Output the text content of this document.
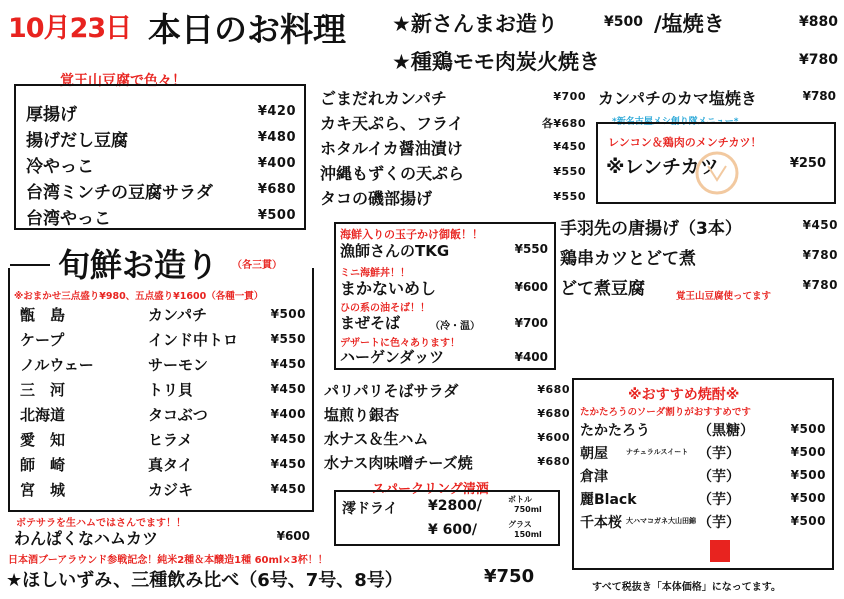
10月23日 本日のお料理 ★新さんまお造り	¥500 /塩焼き	¥880
★種鶏モモ肉炭火焼き	¥780
覚王山豆腐で色々！
厚揚げ	¥420
揚げだし豆腐	¥480
冷やっこ	¥400
台湾ミンチの豆腐サラダ	¥680
台湾やっこ	¥500
旬鮮お造り （各三貫）
※おまかせ三点盛り¥980、五点盛り¥1600（各種一貫）
甑　島	カンパチ	¥500
ケープ	インド中トロ	¥550
ノルウェー	サーモン	¥450
三　河	トリ貝	¥450
北海道	タコぶつ	¥400
愛　知	ヒラメ	¥450
師　崎	真タイ	¥450
宮　城	カジキ	¥450
ごまだれカンパチ	¥700
カキ天ぷら、フライ	各¥680
ホタルイカ醤油漬け	¥450
沖縄もずくの天ぷら	¥550
タコの磯部揚げ	¥550
カンパチのカマ塩焼き	¥780
*新名古屋メシ創り隊メニュー*
レンコン＆鶏肉のメンチカツ！
※レンチカツ	¥250
海鮮入りの玉子かけ御飯！！
漁師さんのTKG	¥550
ミニ海鮮丼！！
まかないめし	¥600
ひの系の油そば！！
まぜそば	（冷・温）	¥700
デザートに色々あります！
ハーゲンダッツ	¥400
手羽先の唐揚げ（3本）	¥450
鶏串カツとどて煮	¥780
どて煮豆腐	¥780
覚王山豆腐使ってます
パリパリそばサラダ	¥680
塩煎り銀杏	¥680
水ナス＆生ハム	¥600
水ナス肉味噌チーズ焼	¥680
スパークリング清酒
澪ドライ ¥2800/
¥ 600/
ボトル
750ml
グラス
150ml
※おすすめ焼酎※
たかたろうのソーダ割りがおすすめです
たかたろう	（黒糖）	¥500
朝屋	ナチュラルスイート （芋）	¥500
倉津	（芋）	¥500
麗Black	（芋）	¥500
千本桜 大ハマコガネ大山田錦 （芋）	¥500
すべて税抜き「本体価格」になってます。
ボテサラを生ハムではさんでます！！
わんぱくなハムカツ	¥600
日本酒ブーアラウンド参戦記念！純米2種＆本醸造1種 60ml×3杯！！
★ほしいずみ、三種飲み比べ（6号、7号、8号）	¥750
